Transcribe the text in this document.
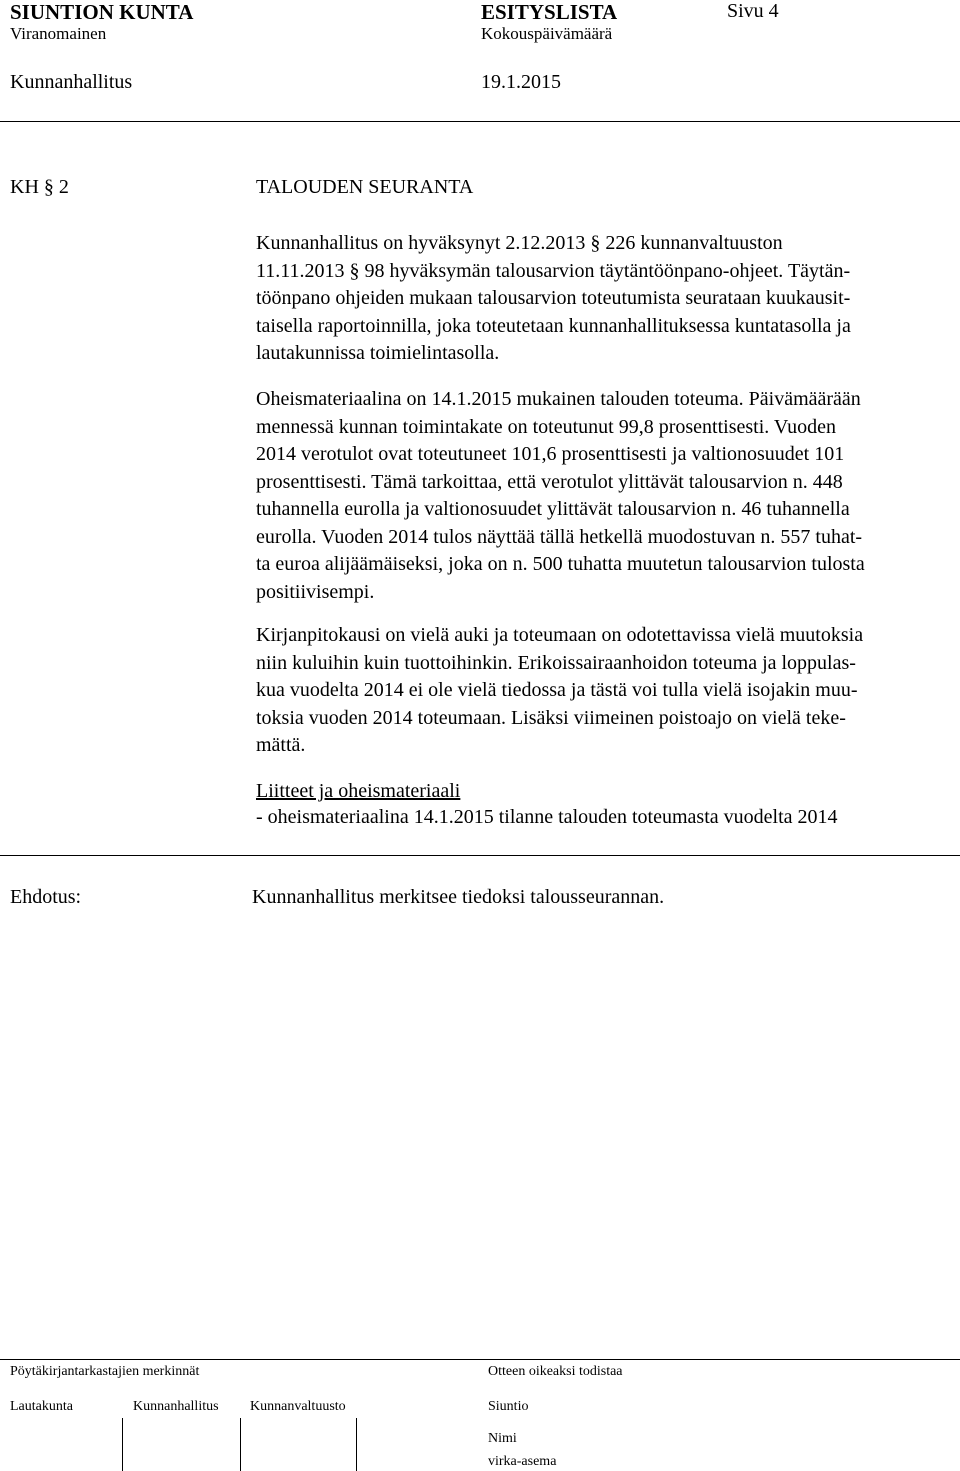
SIUNTION KUNTA	ESITYSLISTA	Sivu 4
Viranomainen	Kokouspäivämäärä
Kunnanhallitus	19.1.2015
KH § 2	TALOUDEN SEURANTA
Kunnanhallitus on hyväksynyt 2.12.2013 § 226 kunnanvaltuuston
11.11.2013 § 98 hyväksymän talousarvion täytäntöönpano-ohjeet. Täytän-
töönpano ohjeiden mukaan talousarvion toteutumista seurataan kuukausit-
taisella raportoinnilla, joka toteutetaan kunnanhallituksessa kuntatasolla ja
lautakunnissa toimielintasolla.
Oheismateriaalina on 14.1.2015 mukainen talouden toteuma. Päivämäärään
mennessä kunnan toimintakate on toteutunut 99,8 prosenttisesti. Vuoden
2014 verotulot ovat toteutuneet 101,6 prosenttisesti ja valtionosuudet 101
prosenttisesti. Tämä tarkoittaa, että verotulot ylittävät talousarvion n. 448
tuhannella eurolla ja valtionosuudet ylittävät talousarvion n. 46 tuhannella
eurolla. Vuoden 2014 tulos näyttää tällä hetkellä muodostuvan n. 557 tuhat-
ta euroa alijäämäiseksi, joka on n. 500 tuhatta muutetun talousarvion tulosta
positiivisempi.
Kirjanpitokausi on vielä auki ja toteumaan on odotettavissa vielä muutoksia
niin kuluihin kuin tuottoihinkin. Erikoissairaanhoidon toteuma ja loppulas-
kua vuodelta 2014 ei ole vielä tiedossa ja tästä voi tulla vielä isojakin muu-
toksia vuoden 2014 toteumaan. Lisäksi viimeinen poistoajo on vielä teke-
mättä.
Liitteet ja oheismateriaali
- oheismateriaalina 14.1.2015 tilanne talouden toteumasta vuodelta 2014
Ehdotus:	Kunnanhallitus merkitsee tiedoksi talousseurannan.
Pöytäkirjantarkastajien merkinnät	Otteen oikeaksi todistaa
Lautakunta	Kunnanhallitus Kunnanvaltuusto	Siuntio
Nimi
virka-asema
